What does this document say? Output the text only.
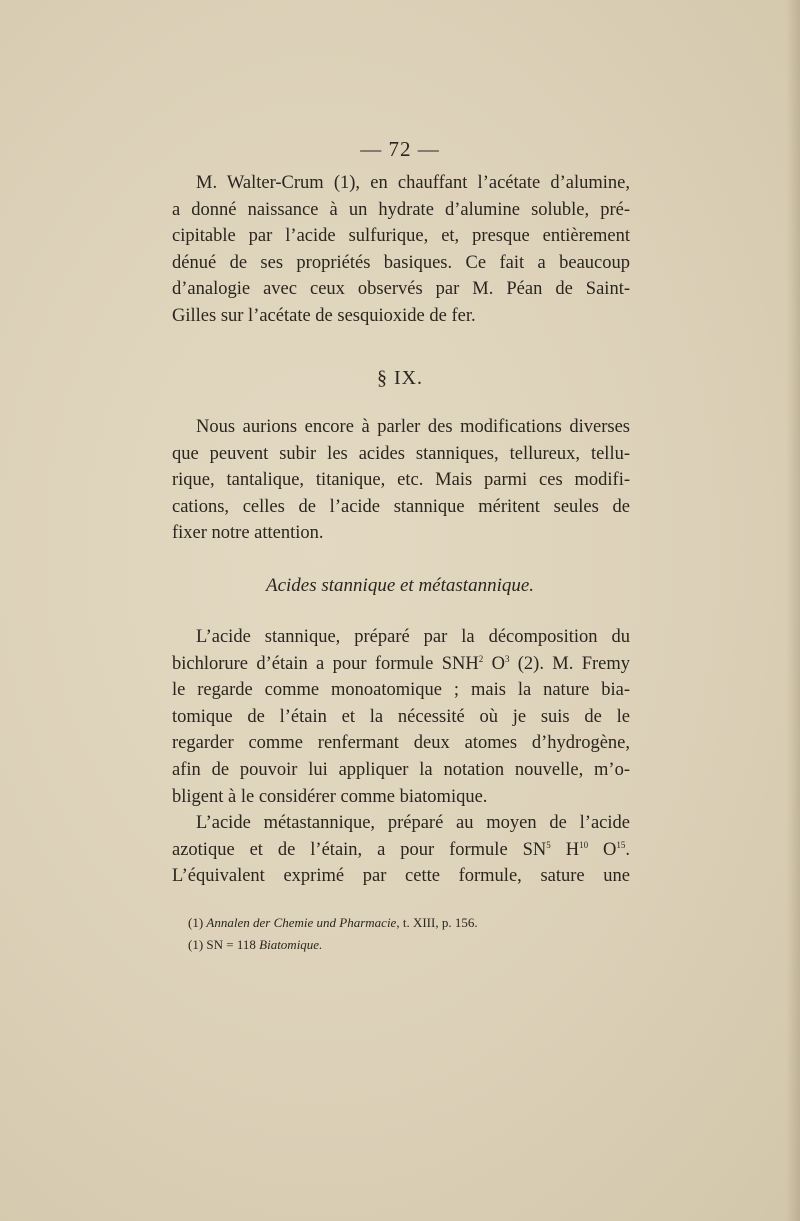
— 72 —
M. Walter-Crum (1), en chauffant l’acétate d’alumine,
a donné naissance à un hydrate d’alumine soluble, pré-
cipitable par l’acide sulfurique, et, presque entièrement
dénué de ses propriétés basiques. Ce fait a beaucoup
d’analogie avec ceux observés par M. Péan de Saint-
Gilles sur l’acétate de sesquioxide de fer.
§ IX.
Nous aurions encore à parler des modifications diverses
que peuvent subir les acides stanniques, tellureux, tellu-
rique, tantalique, titanique, etc. Mais parmi ces modifi-
cations, celles de l’acide stannique méritent seules de
fixer notre attention.
Acides stannique et métastannique.
L’acide stannique, préparé par la décomposition du
bichlorure d’étain a pour formule SNH$^2$ $O^3$ (2). M. Fremy
le regarde comme monoatomique ; mais la nature bia-
tomique de l’étain et la nécessité où je suis de le
regarder comme renfermant deux atomes d’hydrogène,
afin de pouvoir lui appliquer la notation nouvelle, m’o-
bligent à le considérer comme biatomique.
L’acide métastannique, préparé au moyen de l’acide
azotique et de l’étain, a pour formule $SN^5$ $H^{10}$ $O^{15}$.
L’équivalent exprimé par cette formule, sature une
(1) Annalen der Chemie und Pharmacie, t. XIII, p. 156.
(1) SN = 118 Biatomique.
